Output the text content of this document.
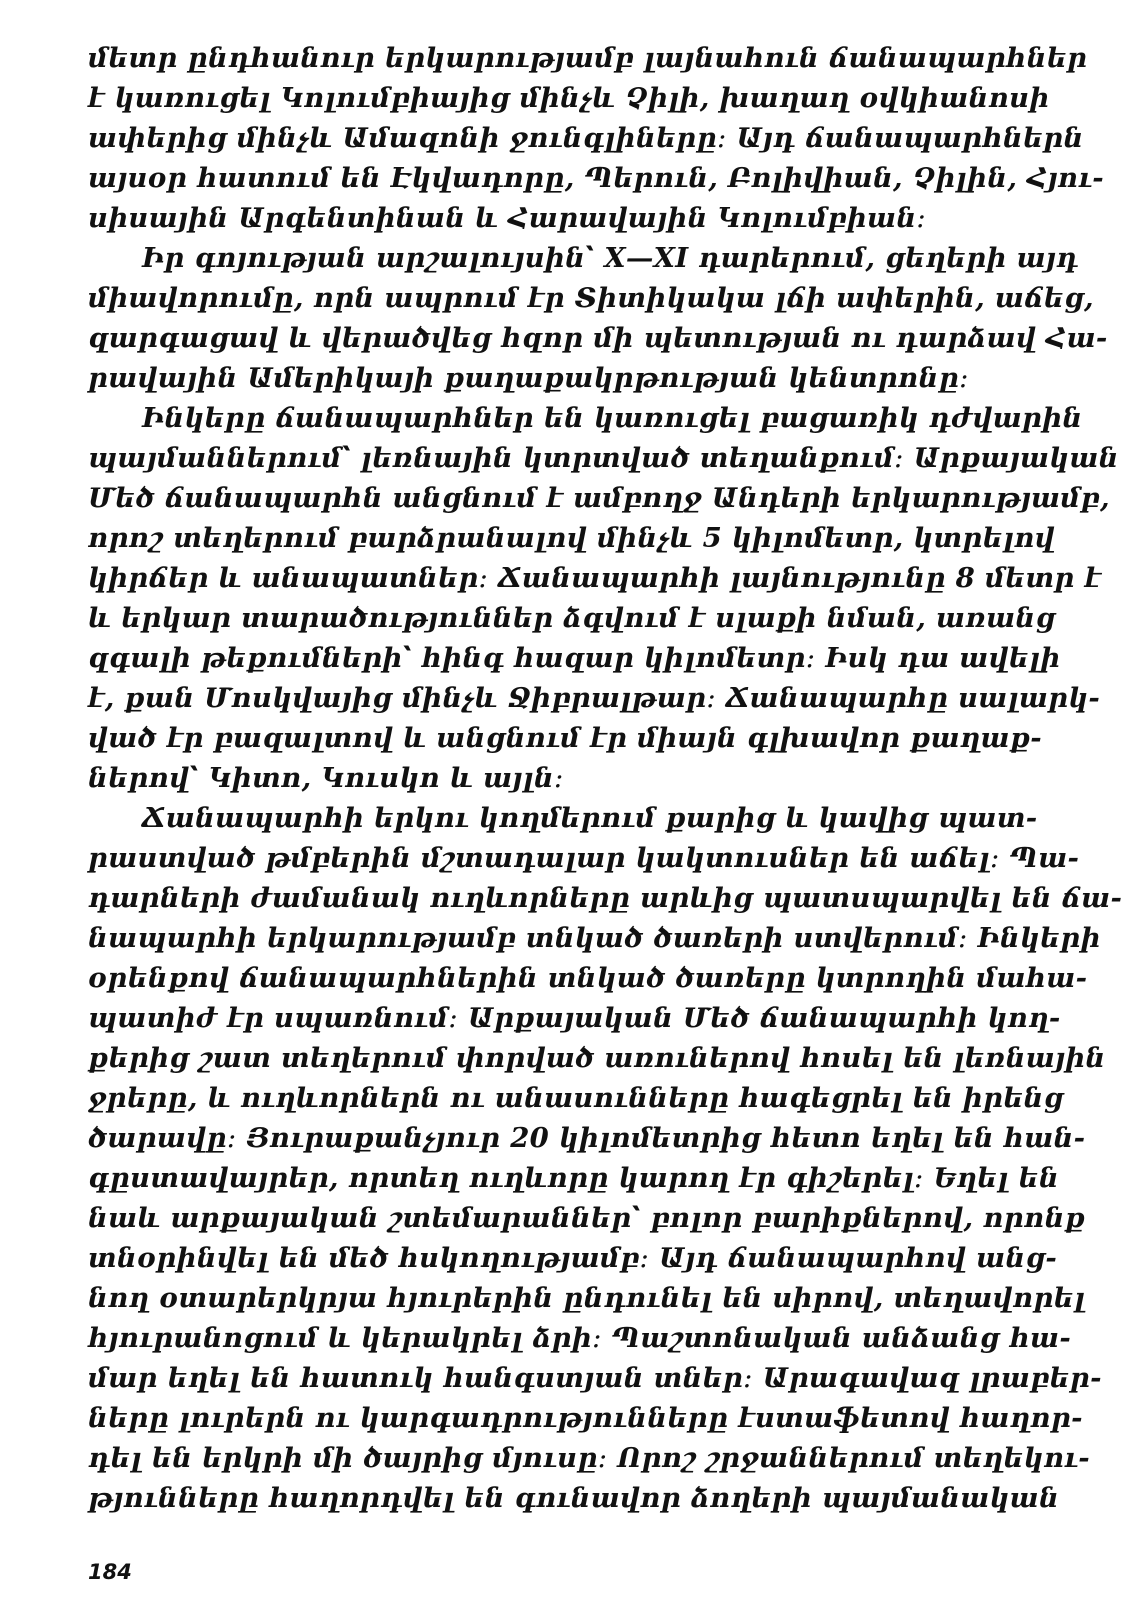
մետր ընդհանուր երկարությամբ լայնահուն ճանապարհներ
է կառուցել Կոլումբիայից մինչև Չիլի, խաղաղ օվկիանոսի
ափերից մինչև Ամազոնի ջունգլիները։ Այդ ճանապարհներն
այսօր հատում են Էկվադորը, Պերուն, Բոլիվիան, Չիլին, Հյու-
սիսային Արգենտինան և Հարավային Կոլումբիան։
Իր գոյության արշալույսին՝ X—XI դարերում, ցեղերի այդ
միավորումը, որն ապրում էր Տիտիկակա լճի ափերին, աճեց,
զարգացավ և վերածվեց հզոր մի պետության ու դարձավ Հա-
րավային Ամերիկայի քաղաքակրթության կենտրոնը։
Ինկերը ճանապարհներ են կառուցել բացառիկ դժվարին
պայմաններում՝ լեռնային կտրտված տեղանքում։ Արքայական
Մեծ ճանապարհն անցնում է ամբողջ Անդերի երկարությամբ,
որոշ տեղերում բարձրանալով մինչև 5 կիլոմետր, կտրելով
կիրճեր և անապատներ։ Ճանապարհի լայնությունը 8 մետր է
և երկար տարածություններ ձգվում է սլաքի նման, առանց
զգալի թեքումների՝ հինգ հազար կիլոմետր։ Իսկ դա ավելի
է, քան Մոսկվայից մինչև Ջիբրալթար։ Ճանապարհը սալարկ-
ված էր բազալտով և անցնում էր միայն գլխավոր քաղաք-
ներով՝ Կիտո, Կուսկո և այլն։
Ճանապարհի երկու կողմերում քարից և կավից պատ-
րաստված թմբերին մշտադալար կակտուսներ են աճել։ Պա-
դարների ժամանակ ուղևորները արևից պատսպարվել են ճա-
նապարհի երկարությամբ տնկած ծառերի ստվերում։ Ինկերի
օրենքով ճանապարհներին տնկած ծառերը կտրողին մահա-
պատիժ էր սպառնում։ Արքայական Մեծ ճանապարհի կող-
քերից շատ տեղերում փորված առուներով հոսել են լեռնային
ջրերը, և ուղևորներն ու անասունները հագեցրել են իրենց
ծարավը։ Յուրաքանչյուր 20 կիլոմետրից հետո եղել են հան-
գըստավայրեր, որտեղ ուղևորը կարող էր գիշերել։ Եղել են
նաև արքայական շտեմարաններ՝ բոլոր բարիքներով, որոնք
տնօրինվել են մեծ հսկողությամբ։ Այդ ճանապարհով անց-
նող օտարերկրյա հյուրերին ընդունել են սիրով, տեղավորել
հյուրանոցում և կերակրել ձրի։ Պաշտոնական անձանց հա-
մար եղել են հատուկ հանգստյան տներ։ Արագավազ լրաբեր-
ները լուրերն ու կարգադրությունները էստաֆետով հաղոր-
դել են երկրի մի ծայրից մյուսը։ Որոշ շրջաններում տեղեկու-
թյունները հաղորդվել են գունավոր ձողերի պայմանական
184
